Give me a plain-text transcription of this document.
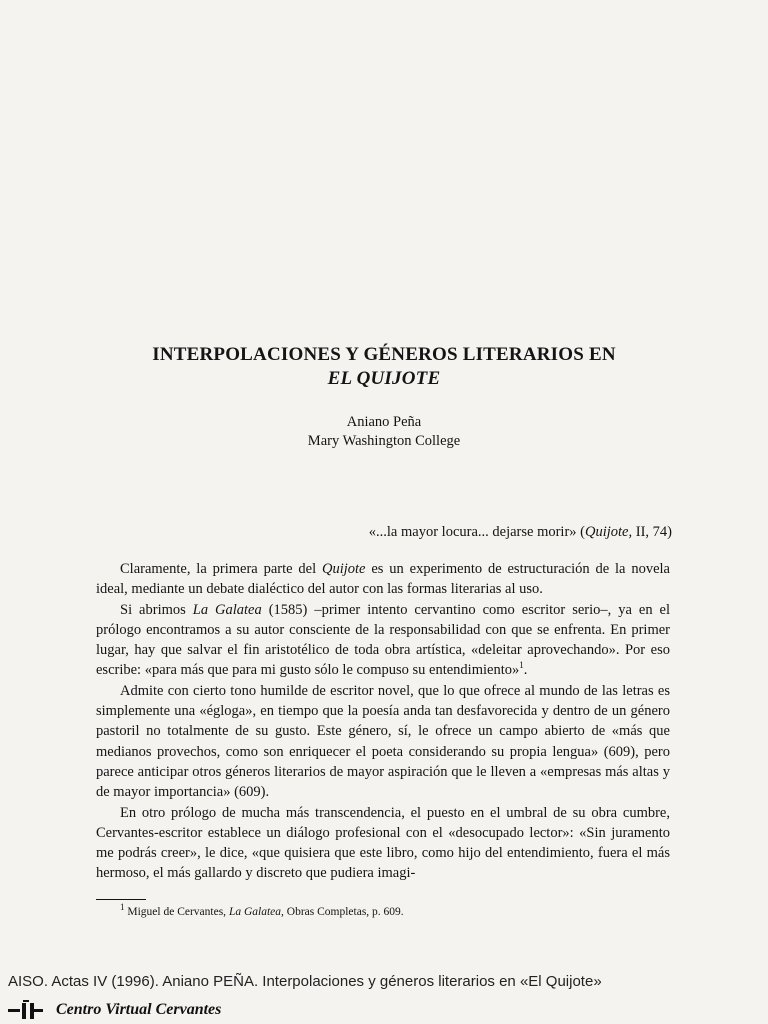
INTERPOLACIONES Y GÉNEROS LITERARIOS EN
EL QUIJOTE
Aniano Peña
Mary Washington College
«...la mayor locura... dejarse morir» (Quijote, II, 74)

Claramente, la primera parte del Quijote es un experimento de estructuración de la novela ideal, mediante un debate dialéctico del autor con las formas literarias al uso.

Si abrimos La Galatea (1585) –primer intento cervantino como escritor serio–, ya en el prólogo encontramos a su autor consciente de la responsabilidad con que se enfrenta. En primer lugar, hay que salvar el fin aristotélico de toda obra artística, «deleitar aprovechando». Por eso escribe: «para más que para mi gusto sólo le compuso su entendimiento»$^1$.

Admite con cierto tono humilde de escritor novel, que lo que ofrece al mundo de las letras es simplemente una «égloga», en tiempo que la poesía anda tan desfavorecida y dentro de un género pastoril no totalmente de su gusto. Este género, sí, le ofrece un campo abierto de «más que medianos provechos, como son enriquecer el poeta considerando su propia lengua» (609), pero parece anticipar otros géneros literarios de mayor aspiración que le lleven a «empresas más altas y de mayor importancia» (609).

En otro prólogo de mucha más transcendencia, el puesto en el umbral de su obra cumbre, Cervantes-escritor establece un diálogo profesional con el «desocupado lector»: «Sin juramento me podrás creer», le dice, «que quisiera que este libro, como hijo del entendimiento, fuera el más hermoso, el más gallardo y discreto que pudiera imagi-

$^1$ Miguel de Cervantes, La Galatea, Obras Completas, p. 609.
AISO. Actas IV (1996). Aniano PEÑA. Interpolaciones y géneros literarios en «El Quijote»
Centro Virtual Cervantes
